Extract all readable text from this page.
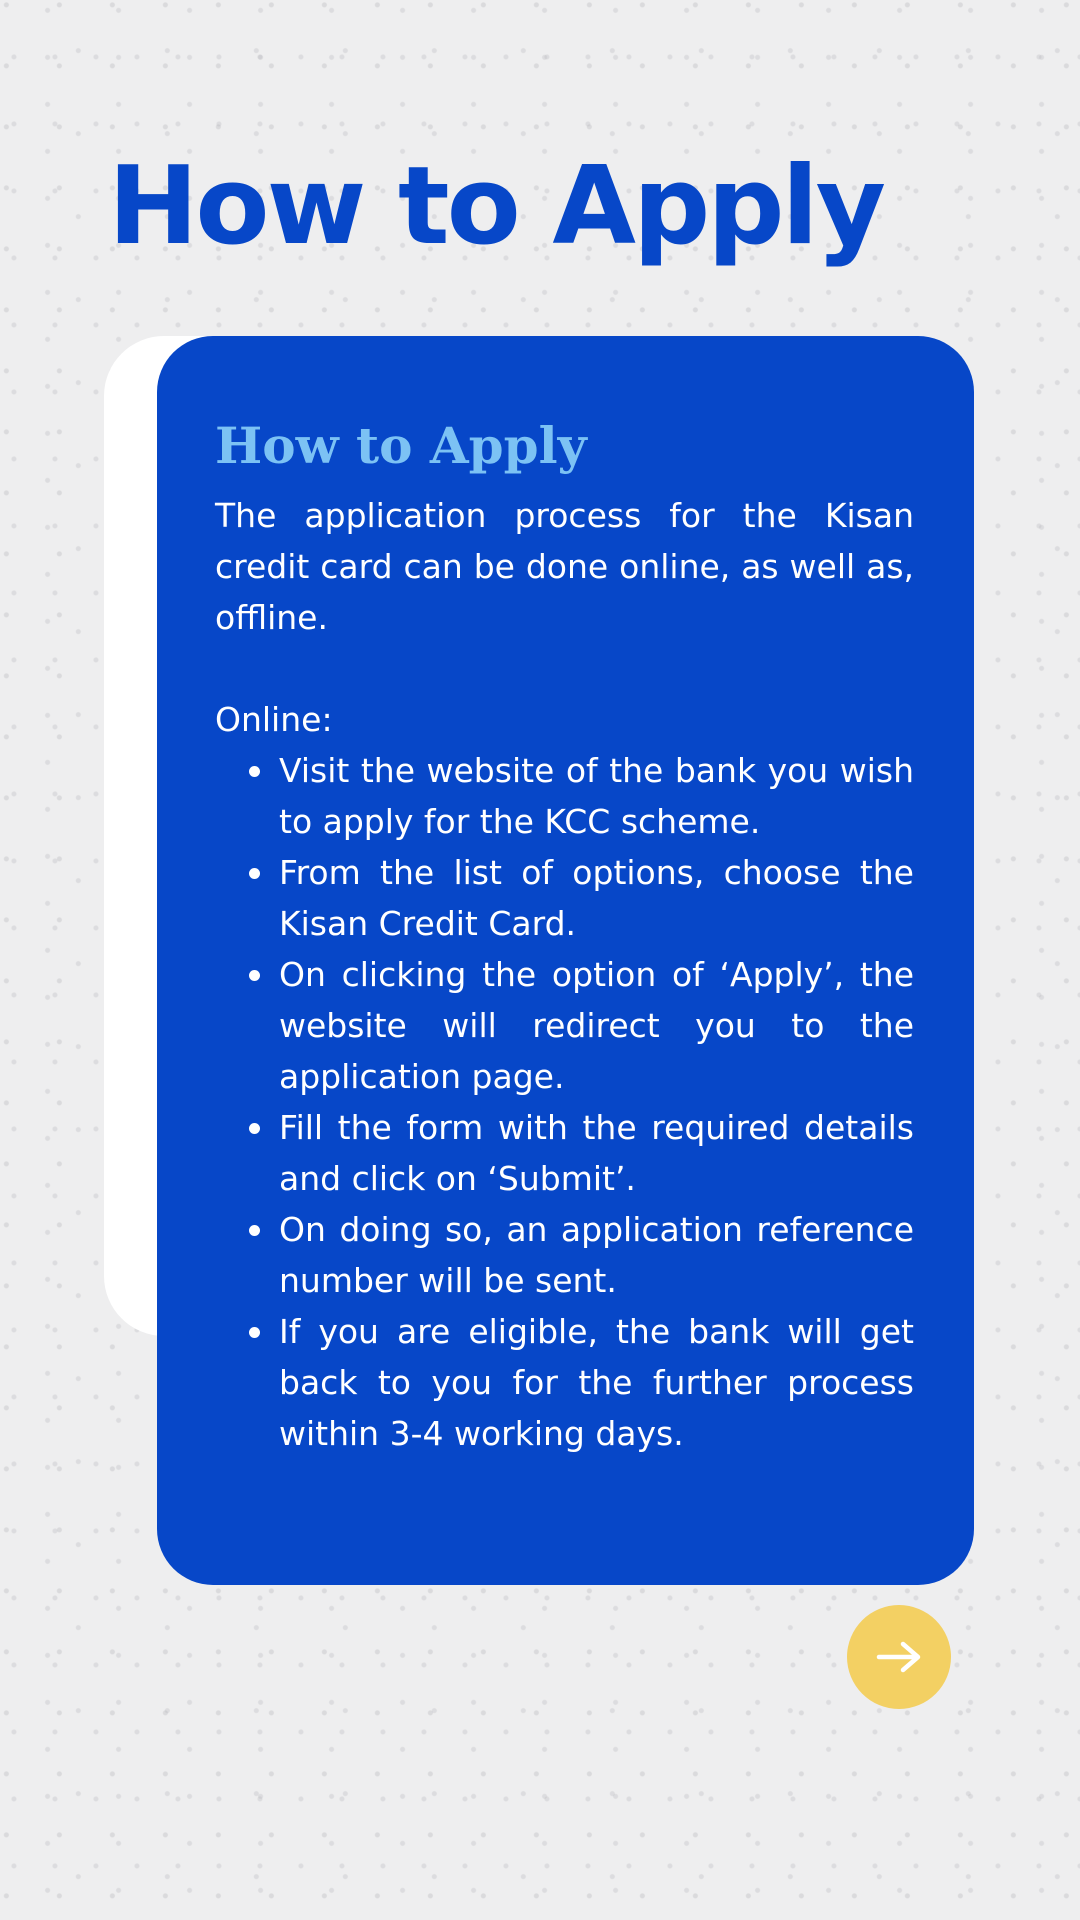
How to Apply
How to Apply

The application process for the Kisan credit card can be done online, as well as, offline.

Online:

Visit the website of the bank you wish to apply for the KCC scheme.
From the list of options, choose the Kisan Credit Card.
On clicking the option of ‘Apply’, the website will redirect you to the application page.
Fill the form with the required details and click on ‘Submit’.
On doing so, an application reference number will be sent.
If you are eligible, the bank will get back to you for the further process within 3-4 working days.
